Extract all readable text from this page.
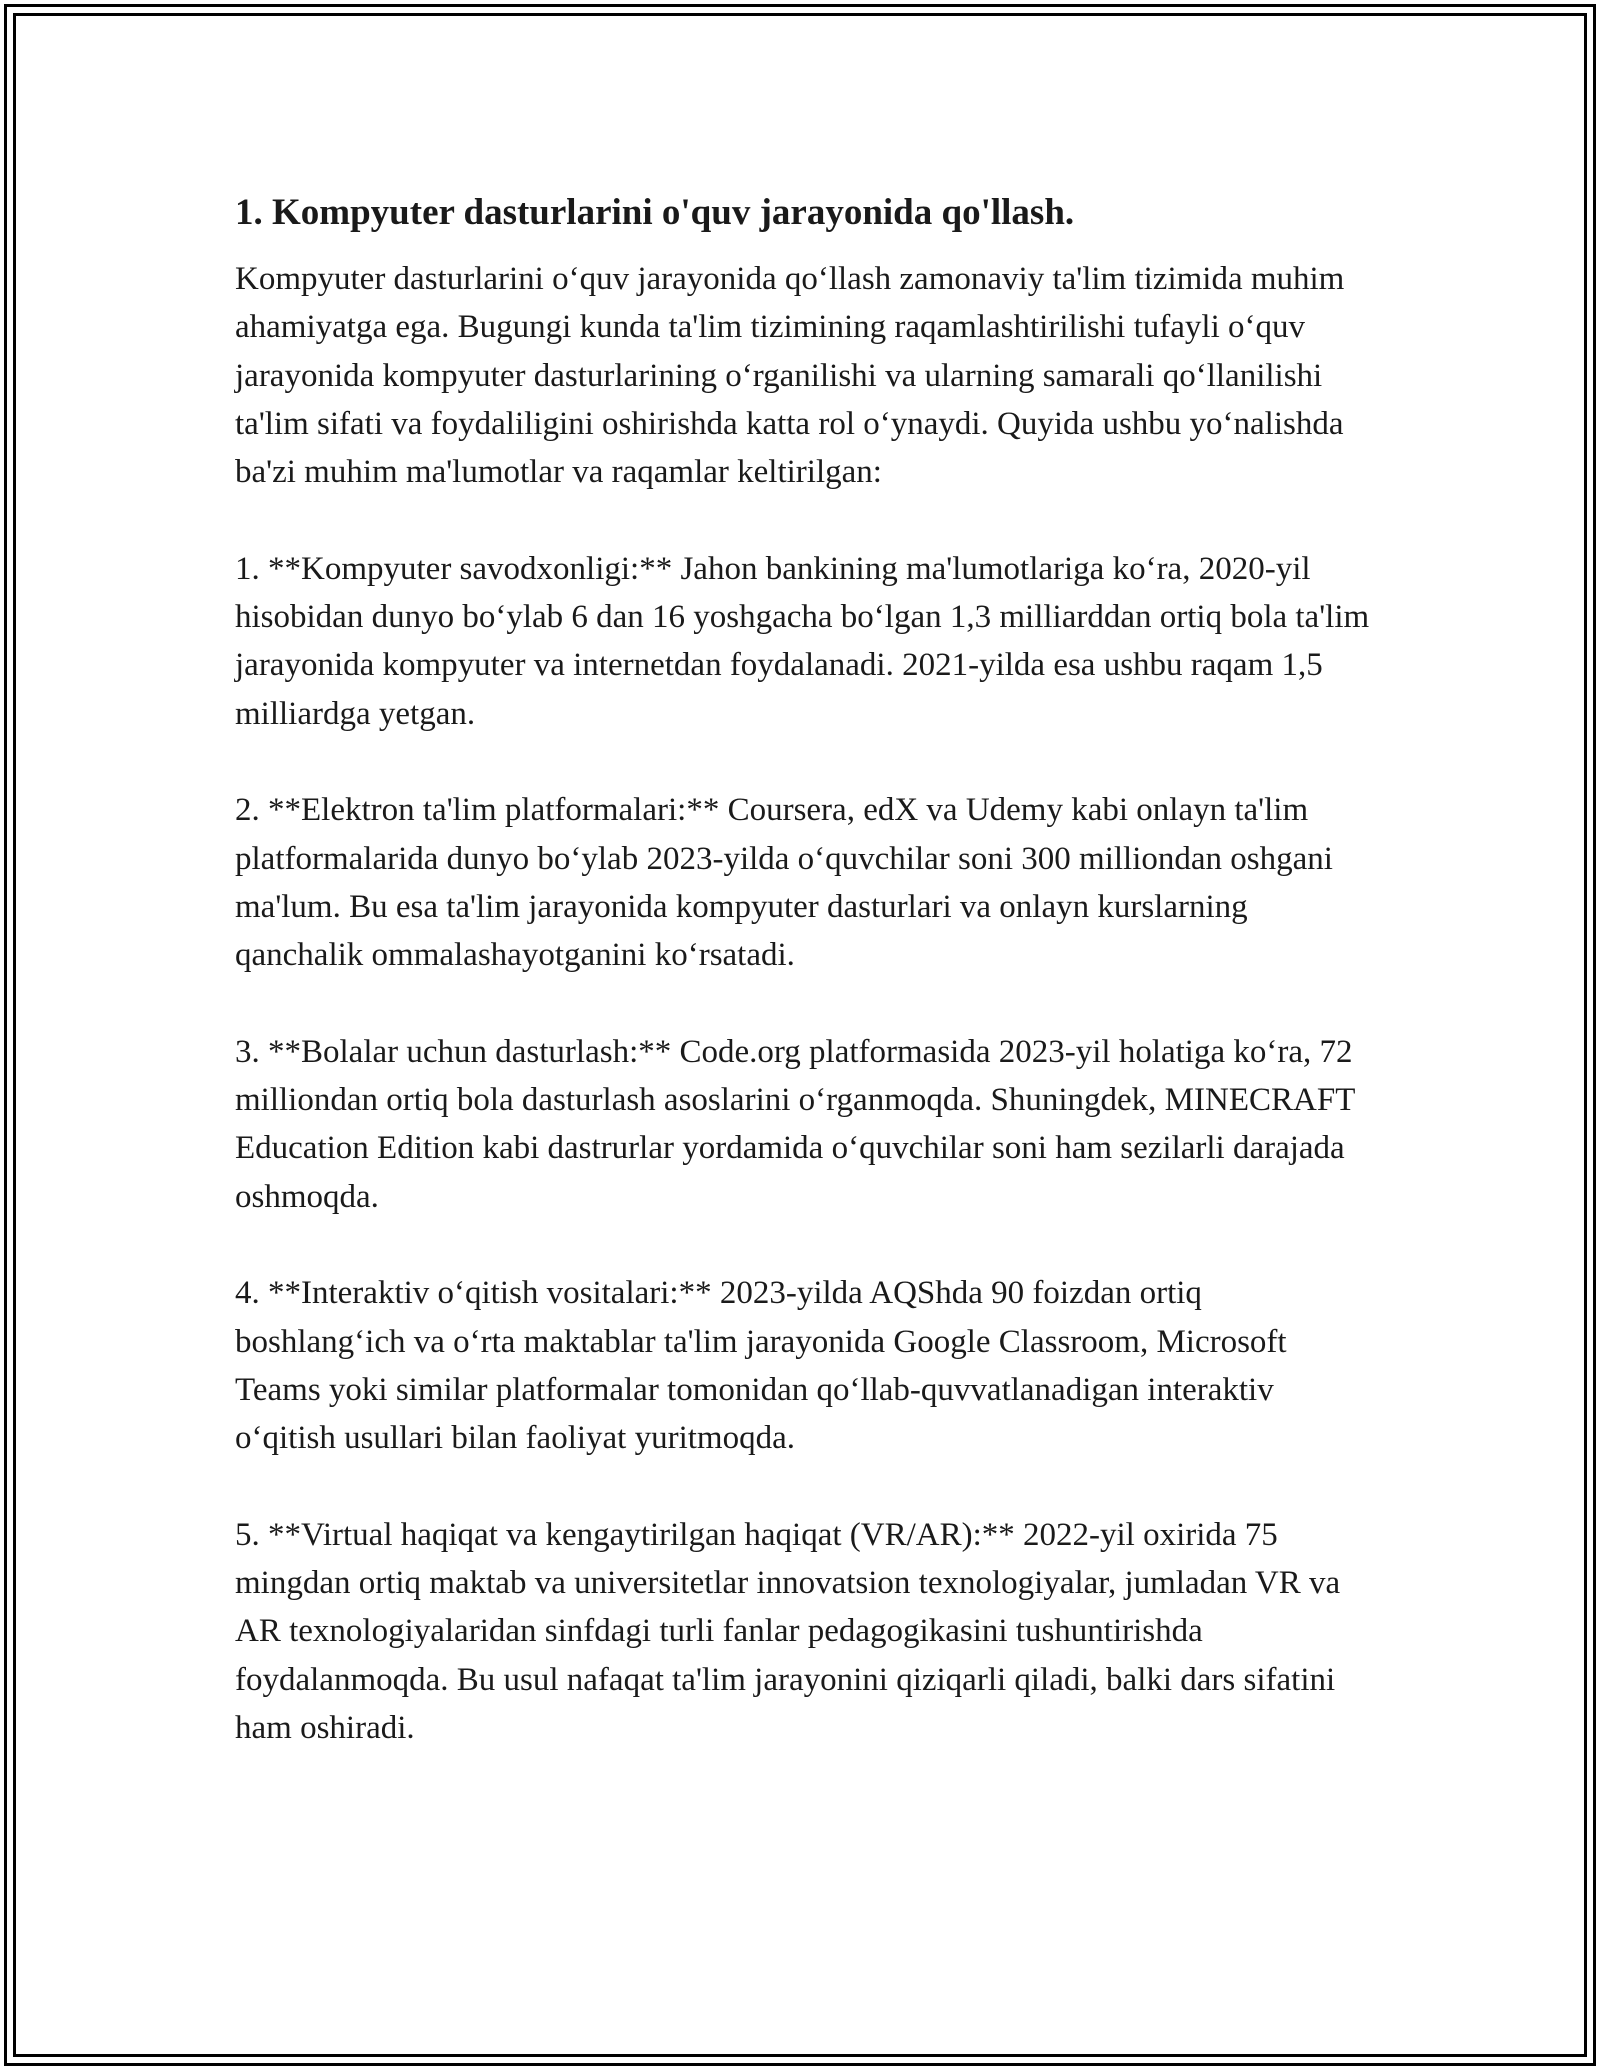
1. Kompyuter dasturlarini o'quv jarayonida qo'llash.

Kompyuter dasturlarini o‘quv jarayonida qo‘llash zamonaviy ta'lim tizimida muhim ahamiyatga ega. Bugungi kunda ta'lim tizimining raqamlashtirilishi tufayli o‘quv jarayonida kompyuter dasturlarining o‘rganilishi va ularning samarali qo‘llanilishi ta'lim sifati va foydaliligini oshirishda katta rol o‘ynaydi. Quyida ushbu yo‘nalishda ba'zi muhim ma'lumotlar va raqamlar keltirilgan:

1. **Kompyuter savodxonligi:** Jahon bankining ma'lumotlariga ko‘ra, 2020-yil hisobidan dunyo bo‘ylab 6 dan 16 yoshgacha bo‘lgan 1,3 milliarddan ortiq bola ta'lim jarayonida kompyuter va internetdan foydalanadi. 2021-yilda esa ushbu raqam 1,5 milliardga yetgan.

2. **Elektron ta'lim platformalari:** Coursera, edX va Udemy kabi onlayn ta'lim platformalarida dunyo bo‘ylab 2023-yilda o‘quvchilar soni 300 milliondan oshgani ma'lum. Bu esa ta'lim jarayonida kompyuter dasturlari va onlayn kurslarning qanchalik ommalashayotganini ko‘rsatadi.

3. **Bolalar uchun dasturlash:** Code.org platformasida 2023-yil holatiga ko‘ra, 72 milliondan ortiq bola dasturlash asoslarini o‘rganmoqda. Shuningdek, MINECRAFT Education Edition kabi dastrurlar yordamida o‘quvchilar soni ham sezilarli darajada oshmoqda.

4. **Interaktiv o‘qitish vositalari:** 2023-yilda AQShda 90 foizdan ortiq boshlang‘ich va o‘rta maktablar ta'lim jarayonida Google Classroom, Microsoft Teams yoki similar platformalar tomonidan qo‘llab-quvvatlanadigan interaktiv o‘qitish usullari bilan faoliyat yuritmoqda.

5. **Virtual haqiqat va kengaytirilgan haqiqat (VR/AR):** 2022-yil oxirida 75 mingdan ortiq maktab va universitetlar innovatsion texnologiyalar, jumladan VR va AR texnologiyalaridan sinfdagi turli fanlar pedagogikasini tushuntirishda foydalanmoqda. Bu usul nafaqat ta'lim jarayonini qiziqarli qiladi, balki dars sifatini ham oshiradi.
